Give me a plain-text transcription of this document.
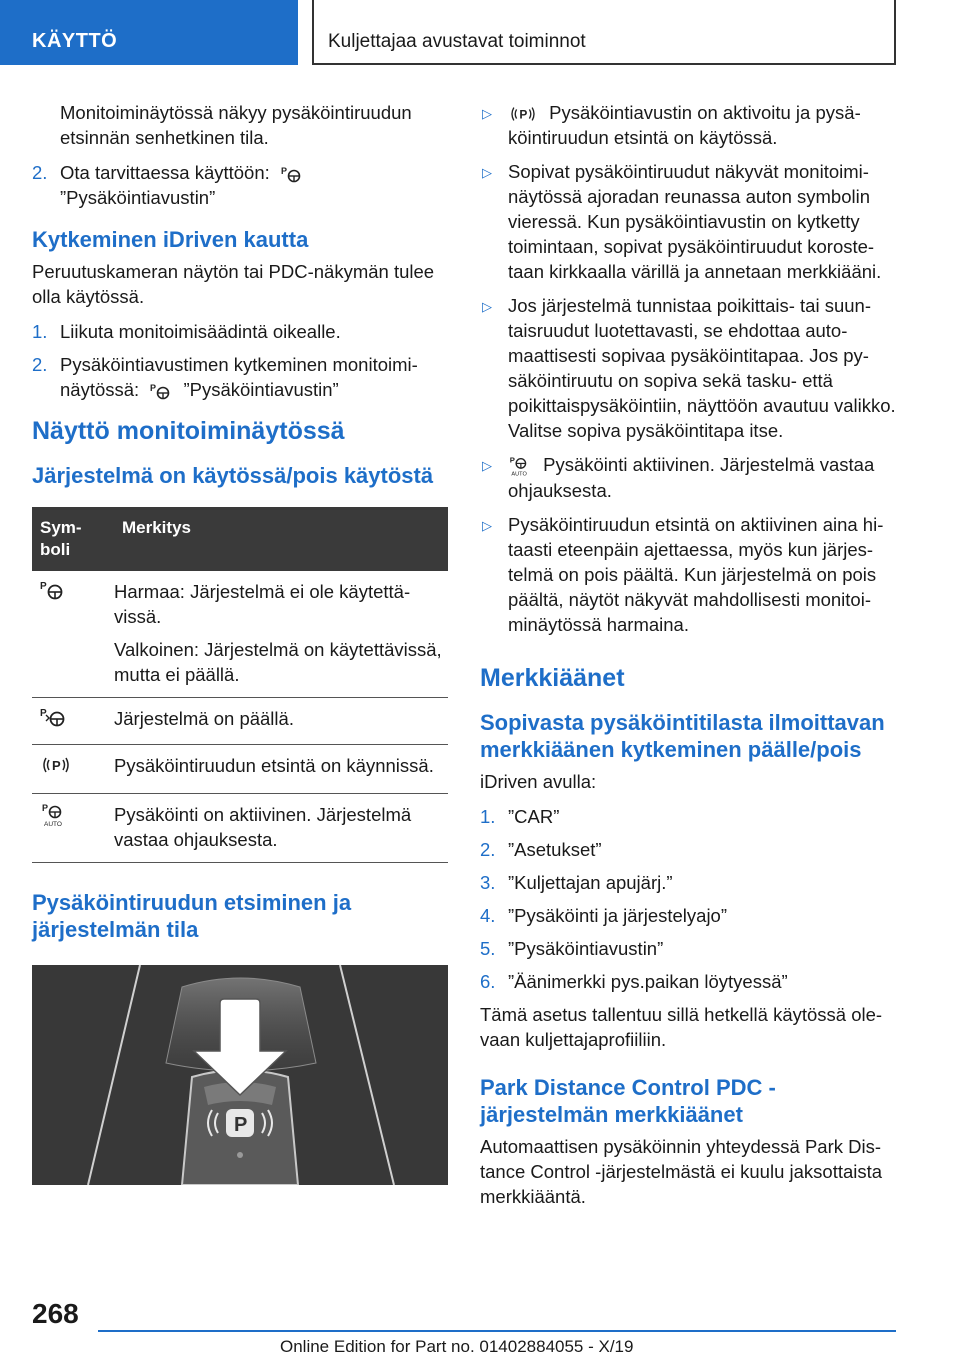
KÄYTTÖ	Kuljettajaa avustavat toiminnot

Monitoiminäytössä näkyy pysäköintiruudun etsinnän senhetkinen tila.

2. Ota tarvittaessa käyttöön: P

”Pysäköintiavustin”
Kytkeminen iDriven kautta

Peruutuskameran näytön tai PDC-näkymän tulee olla käytössä.

1. Liikuta monitoimisäädintä oikealle.
2. Pysäköintiavustimen kytkeminen monitoiminäytössä: P ”Pysäköintiavustin”
Näyttö monitoiminäytössä
Järjestelmä on käytössä/pois käytöstä
Symboli	Merkitys

P	Harmaa: Järjestelmä ei ole käytettävissä.

Valkoinen: Järjestelmä on käytettävissä, mutta ei päällä.

P	Järjestelmä on päällä.

P	Pysäköintiruudun etsintä on käynnissä.

P
AUTO	Pysäköinti on aktiivinen. Järjestelmä vastaa ohjauksesta.

Pysäköintiruudun etsiminen ja järjestelmän tila
P
▷ P Pysäköintiavustin on aktivoitu ja pysäköintiruudun etsintä on käytössä.
▷ Sopivat pysäköintiruudut näkyvät monitoiminäytössä ajoradan reunassa auton symbolin vieressä. Kun pysäköintiavustin on kytketty toimintaan, sopivat pysäköintiruudut korostetaan kirkkaalla värillä ja annetaan merkkiääni.
▷ Jos järjestelmä tunnistaa poikittais- tai suuntaisruudut luotettavasti, se ehdottaa automaattisesti sopivaa pysäköintitapaa. Jos pysäköintiruutu on sopiva sekä tasku- että poikittaispysäköintiin, näyttöön avautuu valikko. Valitse sopiva pysäköintitapa itse.
▷ P
AUTO Pysäköinti aktiivinen. Järjestelmä vastaa ohjauksesta.
▷ Pysäköintiruudun etsintä on aktiivinen aina hitaasti eteenpäin ajettaessa, myös kun järjestelmä on pois päältä. Kun järjestelmä on pois päältä, näytöt näkyvät mahdollisesti monitoiminäytössä harmaina.
Merkkiäänet
Sopivasta pysäköintitilasta ilmoittavan merkkiäänen kytkeminen päälle/pois

iDriven avulla:

1. ”CAR”
2. ”Asetukset”
3. ”Kuljettajan apujärj.”
4. ”Pysäköinti ja järjestelyajo”
5. ”Pysäköintiavustin”
6. ”Äänimerkki pys.paikan löytyessä”

Tämä asetus tallentuu sillä hetkellä käytössä olevaan kuljettajaprofiiliin.

Park Distance Control PDC -järjestelmän merkkiäänet

Automaattisen pysäköinnin yhteydessä Park Distance Control -järjestelmästä ei kuulu jaksottaista merkkiääntä.

268
Online Edition for Part no. 01402884055 - X/19
